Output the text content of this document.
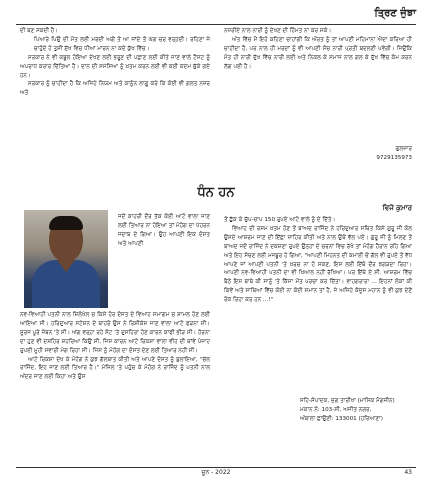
ਤ੍ਰਿਣ ਜੁੰਝਾ

ਦੀ ਬਣ ਸਕਦੀ ਹੈ।

ਪਿਆਰੇ ਪਿਉ ਦੀ ਮੌਤ ਲਈ ਮਰਦੀ ਅਗੋਂ ਤੋਂ ਆ ਜਾਂਦੇ ਤੋਂ ਘੱਗ ਚਰ ਵਰ੍ਹਦੀ। ਰਹਿਣਾ ਜੇ ਚਾਹੁੰਦੇ ਹੋ ਤੁਸੀਂ ਸੁੱਖ ਵਿਚ ਧੀਆਂ ਮਾਰਨ ਨਾ ਕਦੇ ਕੁੱਖ ਵਿੱਚ।

ਸਰਕਾਰ ਨੇ ਵੀ ਕਬੂਲ ਹੋਇਆ ਦੇਖਣ ਲਈ ਭਰੂਣ ਦੀ ਪਛਾਣ ਲਈ ਕੀਤੇ ਜਾਣ ਵਾਲੇ ਟੈਸਟ ਨੂੰ ਅਪਰਾਧ ਕਰਾਰ ਦਿੱਤਿਆ ਹੈ। ਦਾਨ ਦੀ ਸਮੱਸਿਆ ਨੂੰ ਖ਼ਤਮ ਕਰਨ ਲਈ ਵੀ ਕਈ ਕਦਮ ਚੁੱਕੇ ਗਏ ਹਨ।

ਸਰਕਾਰ ਨੂੰ ਚਾਹੀਦਾ ਹੈ ਕਿ ਅਜਿਹੇ ਨਿਯਮ ਅਤੇ ਕਾਨੂੰਨ ਲਾਗੂ ਕਰੇ ਕਿ ਕੋਈ ਵੀ ਗਲਤ ਨਜ਼ਰ ਅਤੇ

ਨਜ਼ਰੀਏ ਨਾਲ ਨਾਰੀ ਨੂੰ ਦੇਖਣ ਦੀ ਹਿੰਮਤ ਨਾ ਕਰ ਸਕੇ।

ਅੰਤ ਵਿੱਚ ਮੈਂ ਇਹੋ ਕਹਿਣਾ ਚਾਹਾਂਗੀ ਕਿ ਔਰਤ ਨੂੰ ਤਾਂ ਆਪਣੀ ਮਹਿਮਾਨਾ ਐਦਾ ਕਰਿਆ ਹੀ ਚਾਹੀਦਾ ਹੈ, ਪਰ ਨਾਲ ਹੀ ਮਰਦਾਂ ਨੂੰ ਵੀ ਆਪਣੀ ਸੋਚ ਨਾਰੀ ਪ੍ਰਤੀ ਬਦਲਣੀ ਪਵੇਗੀ। ਜਿਉਂਕਿ ਮੌਤ ਹੀ ਨਾਰੀ ਦੁੱਖ ਵਿੱਚ ਨਾਰੀ ਲਈ ਅਤੇ ਨਿਕਲ ਕੇ ਸਮਾਜ ਨਾਲ ਗਲ ਕੇ ਦੁੱਖ ਵਿੱਚ ਕੰਮ ਕਰਨ ਲੱਗ ਪਈ ਹੈ।

ਗੁਲਜ਼ਾਰ
9729135973
ਧੰਨ ਹਨ
ਵਿਜੇ ਕੁਮਾਰ

ਜਦੋਂ ਕਾਹਰੀ ਦੌਰ ਤੱਕ ਕੋਈ ਆਟੋ ਵਾਲਾ ਜਾਣ ਲਈ ਤਿਆਰ ਨਾ ਹੋਇਆ ਤਾਂ ਮੋਹੰਗ ਦਾ ਪੱਹਰਨ ਜਦਾਬ ਦੇ ਗਿਆ। ਉਹ ਆਪਣੀ ਇਕ ਦੋਸਤ ਅਤੇ ਆਪਣੀ

ਨਵ-ਵਿਆਹੀ ਪਤਨੀ ਨਾਲ ਸ਼ਿਲੋਖੇਲ ਚ ਕਿਸੇ ਹੋਰ ਦੋਸਤ ਦੇ ਵਿਆਹ ਸਮਾਗਮ ਚ ਸ਼ਾਮਲ ਹੋਣ ਲਈ ਆਇਆ ਸੀ। ਹਰਿਦੁਆਰ ਸਟੇਸ਼ਨ ਦੇ ਬਾਹਰੋਂ ਉਸ ਨੇ ਰਿਸ਼ੀਕੇਸ਼ ਜਾਣ ਵਾਲਾ ਆਟੋ ਫੜਨਾ ਸੀ। ਸੂਰਜ ਪੂਰੇ ਜੋਬਨ 'ਤੇ ਸੀ। ਅੱਗ ਵਰ੍ਹਾ ਰਹੇ ਸੰਟ 'ਤੇ ਦੁਸਹਿਰਾ ਹੋਣ ਕਾਰਨ ਕਾਫੀ ਭੀੜ ਸੀ। ਹੋਰਨਾ ਦਾ ਹੁਣ ਵੀ ਦਸ਼ਹਿਰ ਸ਼ਹਰਿਆ ਕਿਉਂ ਸੀ, ਜਿਸ ਕਾਰਨ ਆਟੋ ਰਿਕਸ਼ਾ ਵਾਲਾ ਵੀਹ ਦੀ ਥਾਂਵੇਂ ਪੰਜਾਹ ਰੁਪਈ ਮੂਹੀ ਸਵਾਰੀ ਮੰਗ ਰਿਹਾ ਸੀ। ਜਿਸ ਨੂੰ ਮੋਹੰਗ ਦਾ ਦੋਸਤ ਦੇਣ ਲਈ ਤਿਆਰ ਨਹੀਂ ਸੀ।

ਆਟੋ ਰਿਕਸ਼ਾ ਦੇਖ ਕੇ ਮੋਹੰਗ ਨੇ ਕੁਝ ਗੱਲਬਾਤ ਕੀਤੀ ਅਤੇ ਆਪਣੇ ਦੋਸਤ ਨੂੰ ਬੁਲਾਇਆ, "ਚੱਲ ਰਾਜਿੰਦ, ਇਹ ਜਾਣ ਲਈ ਤਿਆਰ ਹੈ।" ਮੰਜ਼ਿਲ 'ਤੇ ਪਹੁੰਚ ਕੇ ਮੋਹੰਗ ਨੇ ਰਾਜਿੰਦ ਨੂੰ ਪਤਨੀ ਨਾਲ ਅੰਦਰ ਜਾਣ ਲਈ ਕਿਹਾ ਅਤੇ ਉਸ

ਤੋਂ ਛੁੱਕ ਕੇ ਚੁੱਪ-ਚਾਪ 150 ਰੁਪਏ ਆਟੋ ਵਾਲੇ ਨੂੰ ਦੇ ਦਿੱਤੇ।

ਵਿਆਹ ਦੀ ਰਸਮ ਖ਼ਤਮ ਹੋਣ ਤੋਂ ਬਾਅਦ ਰਾਜਿੰਦ ਨੇ ਹਰਿਦੁਆਰ ਸਥਿਤ ਕਿਸੇ ਗੁਰੂ ਜੀ ਕੋਲ ਉਸਦੇ ਆਸ਼ਰਮ ਜਾਣ ਦੀ ਇੱਛਾ ਜ਼ਾਹਿਰ ਕੀਤੀ ਅਤੇ ਨਾਲ ਉਥੋਂ ਵੱਲ ਪਏ। ਗੁਰੂ ਜੀ ਨੂੰ ਮਿਲਣ ਤੋਂ ਬਾਅਦ ਜਦੋਂ ਰਾਜਿੰਦ ਨੇ ਦਕਸ਼ਣਾ ਰੁਪਏ ਉਨ੍ਹਾਂ ਦੇ ਚਰਨਾਂ ਵਿਚ ਰੱਖੇ ਤਾਂ ਮੋਹੰਗ ਹੈਰਾਨ ਰਹਿ ਗਿਆ ਅਤੇ ਇਹ ਸੋਚਣ ਲਈ ਮਜਬੂਰ ਹੋ ਗਿਆ, "ਆਪਣੀ ਮਿਹਨਤ ਦੀ ਕਮਾਈ ਚੋਂ ਗੱਲ ਵੀ ਰੁਪਏ ਤੋਂ ਵੱਧ ਆਪਣੇ ਜਾਂ ਆਪਣੀ ਪਤਨੀ 'ਤੇ ਖ਼ਰਚ ਨਾ ਹੋ ਸਕਣ, ਇਸ ਲਈ ਇੱਥੋ ਦੌਰ ਝਗੜਦਾ ਰਿਹਾ। ਆਪਣੀ ਨਵ-ਵਿਆਹੀ ਪਤਨੀ ਦਾ ਵੀ ਖ਼ਿਆਲ ਨਹੀਂ ਰੱਖਿਆ। ਪਰ ਇੱਥੇ ਏ ਸੀ. ਆਸ਼ਰਮ ਵਿੱਚ ਬੈਠੇ ਇਸ ਬਾਬੇ ਕੀ ਸਾਨੂੰ 'ਤੇ ਕਿੱਸਾ ਮੌਤ ਪਰਚਾ ਕਰ ਦਿੱਤਾ। ਵਾਹਗਰਾਰਾ ... ਇਹਨਾਂ ਲੋਕਾਂ ਕੀ ਕਿਵੇਂ ਅਤੇ ਸਾਥਿਆਂ ਵਿੱਚ ਕੋਈ ਨਾ ਕੋਈ ਸਮਾਨ ਤਾਂ ਹੈ, ਜੇ ਅਜਿਹੇ ਕੰਜੂਸ ਮਹਾਨ ਨੂੰ ਵੀ ਕੁਝ ਦੇਣੋਂ ਰੋਕ ਰਿਹਾ ਕਰ ਹਨ ...!"

ਸਹਿ-ਸੰਪਾਦਕ, ਜੁਗ ਤਾਰੀਖਾ (ਮਾਸਿਕ ਮੈਗਜ਼ੀਨ)
ਮਕਾਨ ਨੰ: 103-ਸੀ, ਅਜੀਤ ਨਗਰ,
ਅੰਬਾਲਾ ਛਾਉਣੀ: 133001 (ਹਰਿਆਣਾ)
ਜੂਨ - 2022	43
